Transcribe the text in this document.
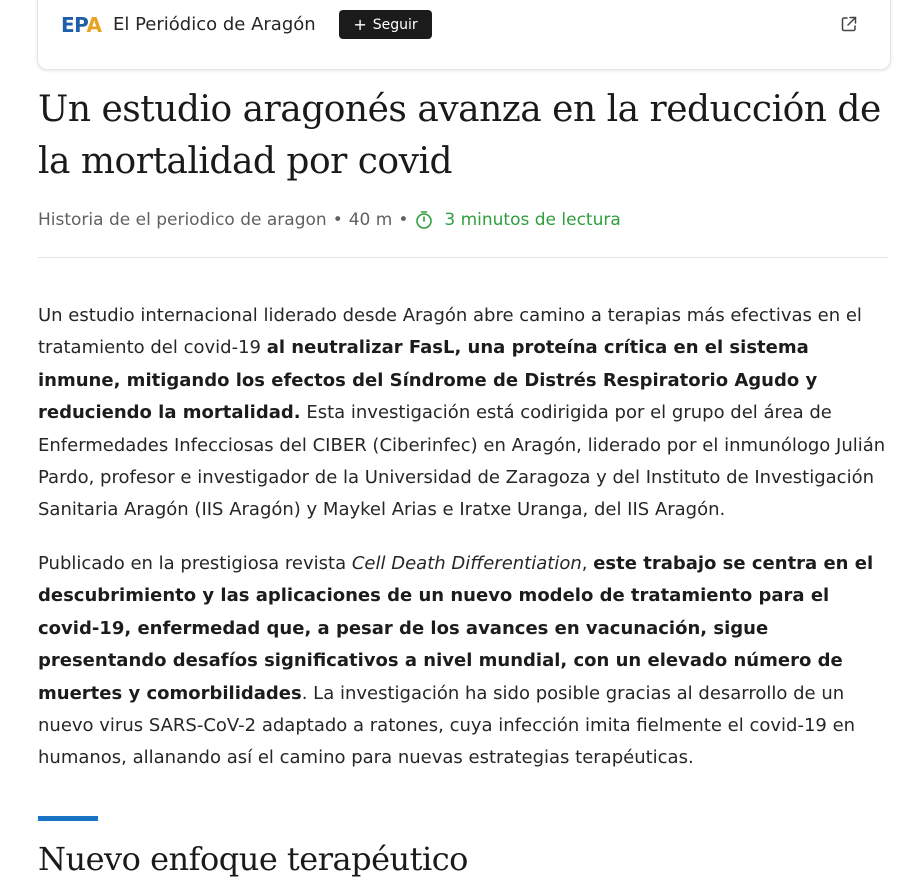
EPA El Periódico de Aragón + Seguir
Un estudio aragonés avanza en la reducción de la mortalidad por covid
Historia de el periodico de aragon • 40 m • 3 minutos de lectura

Un estudio internacional liderado desde Aragón abre camino a terapias más efectivas en el tratamiento del covid-19 al neutralizar FasL, una proteína crítica en el sistema inmune, mitigando los efectos del Síndrome de Distrés Respiratorio Agudo y reduciendo la mortalidad. Esta investigación está codirigida por el grupo del área de Enfermedades Infecciosas del CIBER (Ciberinfec) en Aragón, liderado por el inmunólogo Julián Pardo, profesor e investigador de la Universidad de Zaragoza y del Instituto de Investigación Sanitaria Aragón (IIS Aragón) y Maykel Arias e Iratxe Uranga, del IIS Aragón.

Publicado en la prestigiosa revista Cell Death Differentiation, este trabajo se centra en el descubrimiento y las aplicaciones de un nuevo modelo de tratamiento para el covid-19, enfermedad que, a pesar de los avances en vacunación, sigue presentando desafíos significativos a nivel mundial, con un elevado número de muertes y comorbilidades. La investigación ha sido posible gracias al desarrollo de un nuevo virus SARS-CoV-2 adaptado a ratones, cuya infección imita fielmente el covid-19 en humanos, allanando así el camino para nuevas estrategias terapéuticas.

Nuevo enfoque terapéutico
